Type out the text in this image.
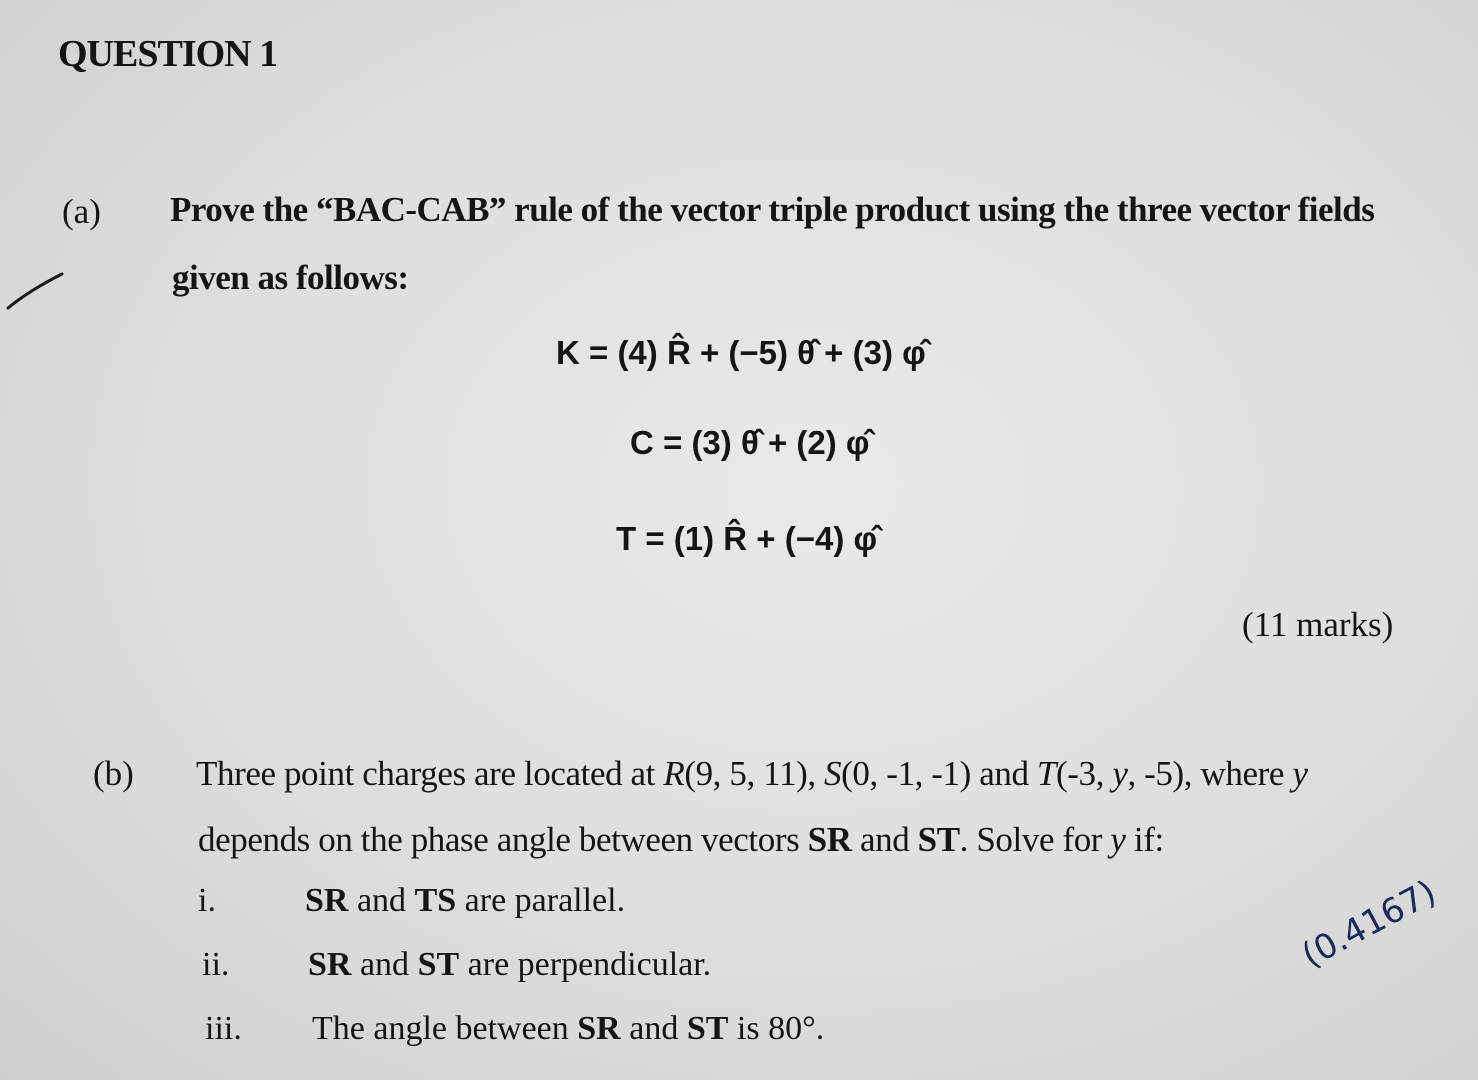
QUESTION 1
(a) Prove the “BAC-CAB” rule of the vector triple product using the three vector fields
given as follows:
K = (4) R̂ + (−5) θ̂ + (3) φ̂
C = (3) θ̂ + (2) φ̂
T = (1) R̂ + (−4) φ̂
(11 marks)
(b) Three point charges are located at R(9, 5, 11), S(0, -1, -1) and T(-3, y, -5), where y
depends on the phase angle between vectors SR and ST. Solve for y if:
i.	SR and TS are parallel.
ii. SR and ST are perpendicular.
iii. The angle between SR and ST is 80°.
(0.4167)
